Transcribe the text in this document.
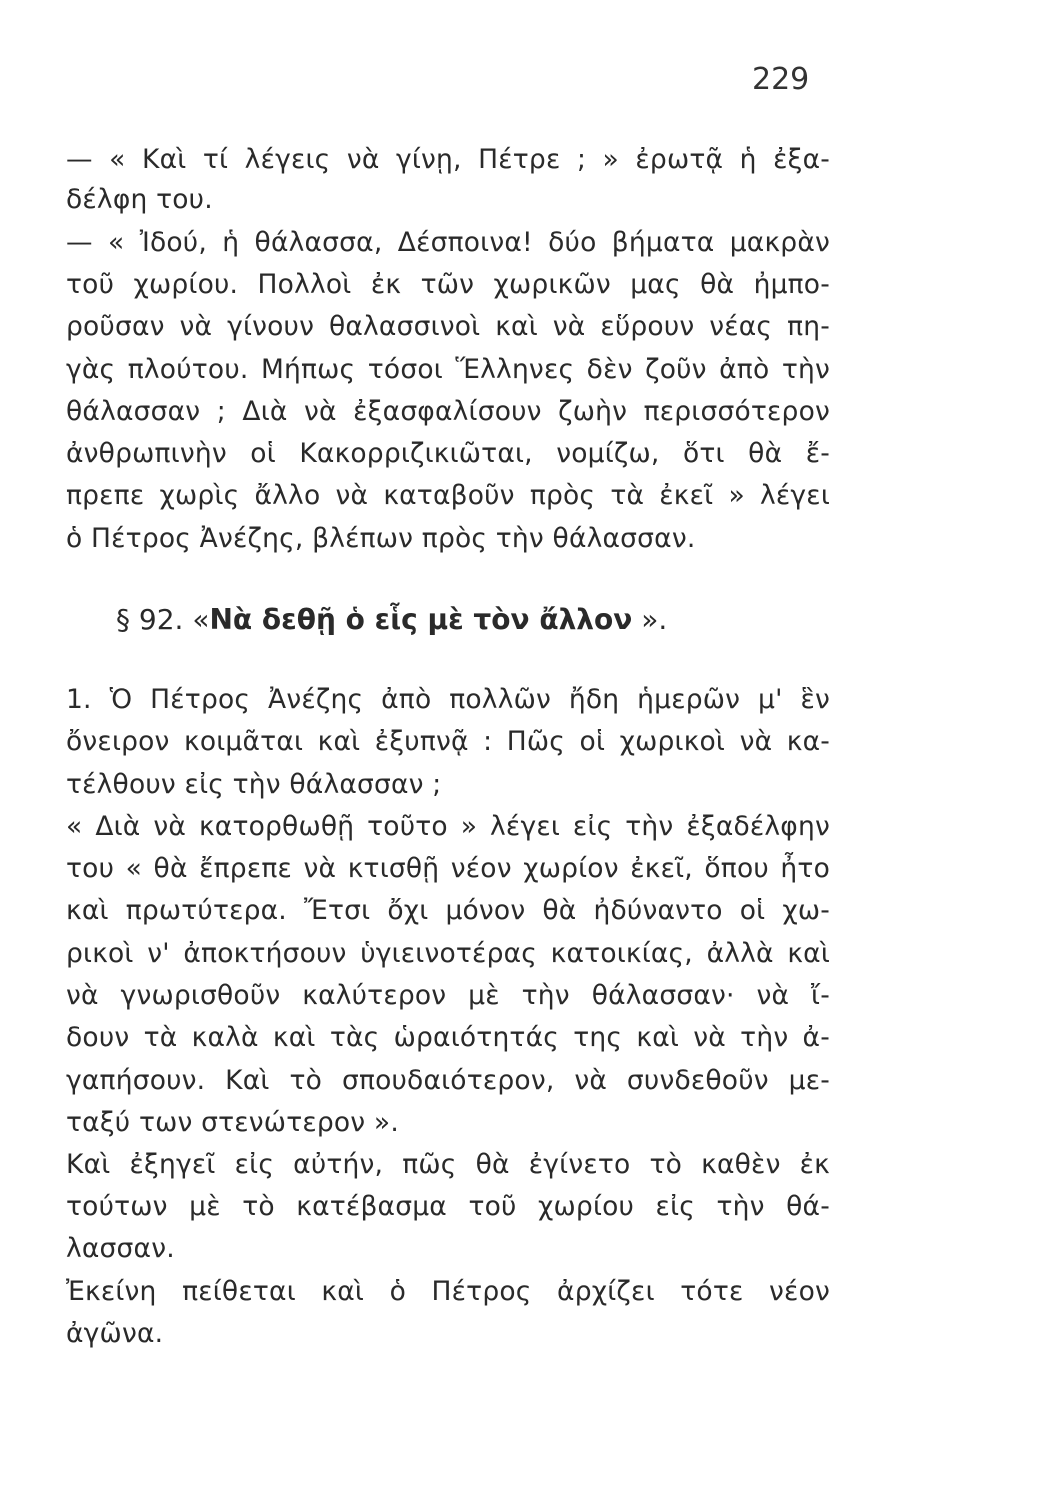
229
— « Καὶ τί λέγεις νὰ γίνῃ, Πέτρε ; » ἐρωτᾷ ἡ ἐξα-
δέλφη του.
— « Ἰδού, ἡ θάλασσα, Δέσποινα! δύο βήματα μακρὰν
τοῦ χωρίου. Πολλοὶ ἐκ τῶν χωρικῶν μας θὰ ἠμπο-
ροῦσαν νὰ γίνουν θαλασσινοὶ καὶ νὰ εὕρουν νέας πη-
γὰς πλούτου. Μήπως τόσοι Ἕλληνες δὲν ζοῦν ἀπὸ τὴν
θάλασσαν ; Διὰ νὰ ἐξασφαλίσουν ζωὴν περισσότερον
ἀνθρωπινὴν οἱ Κακορριζικιῶται, νομίζω, ὅτι θὰ ἔ-
πρεπε χωρὶς ἄλλο νὰ καταβοῦν πρὸς τὰ ἐκεῖ » λέγει
ὁ Πέτρος Ἀνέζης, βλέπων πρὸς τὴν θάλασσαν.
§ 92. «Νὰ δεθῇ ὁ εἷς μὲ τὸν ἄλλον ».
1. Ὁ Πέτρος Ἀνέζης ἀπὸ πολλῶν ἤδη ἡμερῶν μ' ἓν
ὄνειρον κοιμᾶται καὶ ἐξυπνᾷ : Πῶς οἱ χωρικοὶ νὰ κα-
τέλθουν εἰς τὴν θάλασσαν ;
« Διὰ νὰ κατορθωθῇ τοῦτο » λέγει εἰς τὴν ἐξαδέλφην
του « θὰ ἔπρεπε νὰ κτισθῇ νέον χωρίον ἐκεῖ, ὅπου ἦτο
καὶ πρωτύτερα. Ἔτσι ὄχι μόνον θὰ ἠδύναντο οἱ χω-
ρικοὶ ν' ἀποκτήσουν ὑγιεινοτέρας κατοικίας, ἀλλὰ καὶ
νὰ γνωρισθοῦν καλύτερον μὲ τὴν θάλασσαν· νὰ ἴ-
δουν τὰ καλὰ καὶ τὰς ὡραιότητάς της καὶ νὰ τὴν ἀ-
γαπήσουν. Καὶ τὸ σπουδαιότερον, νὰ συνδεθοῦν με-
ταξύ των στενώτερον ».
Καὶ ἐξηγεῖ εἰς αὐτήν, πῶς θὰ ἐγίνετο τὸ καθὲν ἐκ
τούτων μὲ τὸ κατέβασμα τοῦ χωρίου εἰς τὴν θά-
λασσαν.
Ἐκείνη πείθεται καὶ ὁ Πέτρος ἀρχίζει τότε νέον
ἀγῶνα.
